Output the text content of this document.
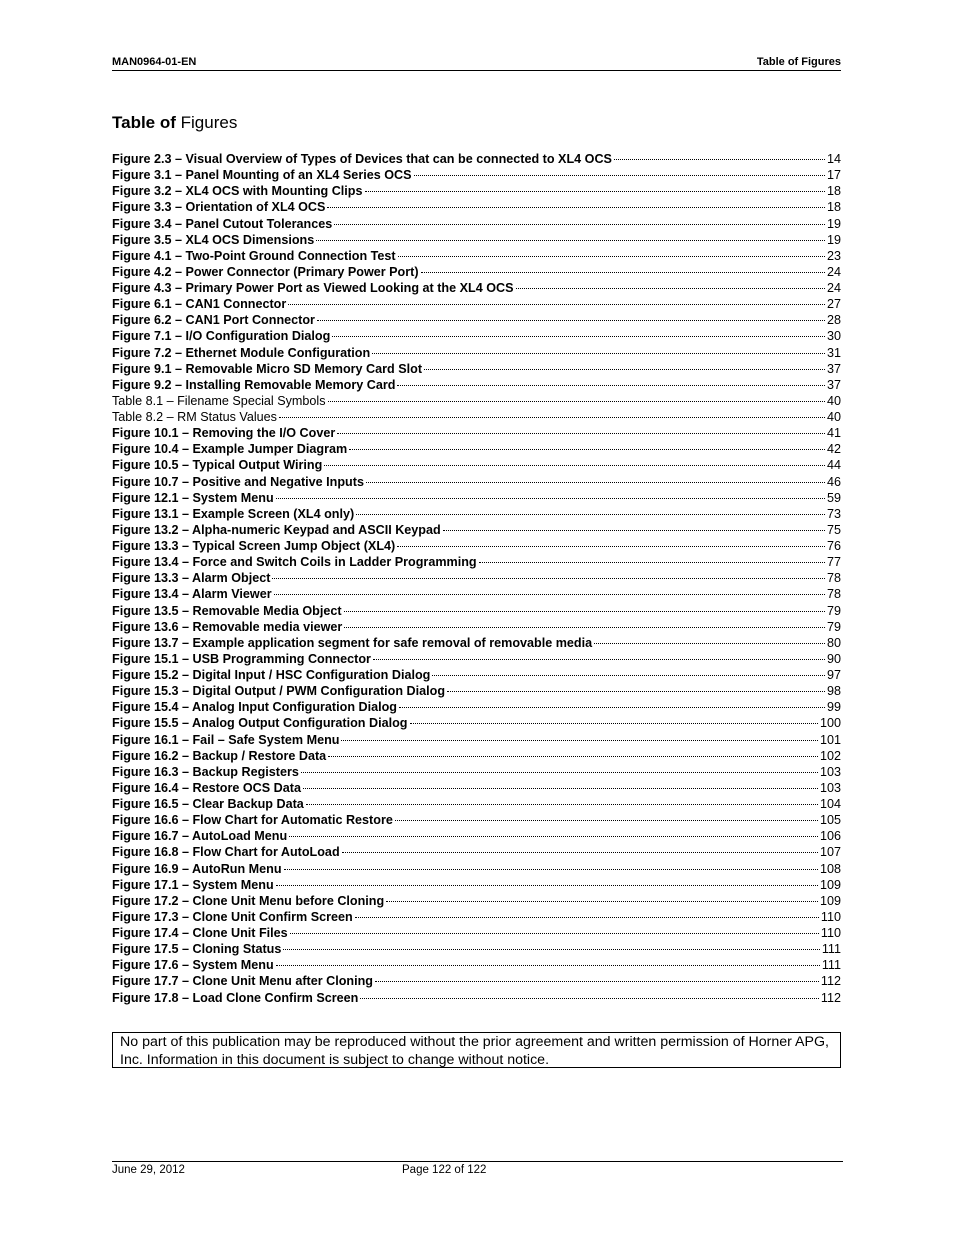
MAN0964-01-EN	Table of Figures
Table of Figures
Figure 2.3 – Visual Overview of Types of Devices that can be connected to XL4 OCS	14
Figure 3.1 – Panel Mounting of an XL4 Series OCS	17
Figure 3.2 – XL4 OCS with Mounting Clips	18
Figure 3.3 – Orientation of XL4 OCS	18
Figure 3.4 – Panel Cutout Tolerances	19
Figure 3.5 – XL4 OCS Dimensions	19
Figure 4.1 – Two-Point Ground Connection Test	23
Figure 4.2 – Power Connector (Primary Power Port)	24
Figure 4.3 – Primary Power Port as Viewed Looking at the XL4 OCS	24
Figure 6.1 – CAN1 Connector	27
Figure 6.2 – CAN1 Port Connector	28
Figure 7.1 – I/O Configuration Dialog	30
Figure 7.2 – Ethernet Module Configuration	31
Figure 9.1 – Removable Micro SD Memory Card Slot	37
Figure 9.2 – Installing Removable Memory Card	37
Table 8.1 – Filename Special Symbols	40
Table 8.2 – RM Status Values	40
Figure 10.1 – Removing the I/O Cover	41
Figure 10.4 – Example Jumper Diagram	42
Figure 10.5 – Typical Output Wiring	44
Figure 10.7 – Positive and Negative Inputs	46
Figure 12.1 – System Menu	59
Figure 13.1 – Example Screen (XL4 only)	73
Figure 13.2 – Alpha-numeric Keypad and ASCII Keypad	75
Figure 13.3 – Typical Screen Jump Object (XL4)	76
Figure 13.4 – Force and Switch Coils in Ladder Programming	77
Figure 13.3 – Alarm Object	78
Figure 13.4 – Alarm Viewer	78
Figure 13.5 – Removable Media Object	79
Figure 13.6 – Removable media viewer	79
Figure 13.7 – Example application segment for safe removal of removable media	80
Figure 15.1 – USB Programming Connector	90
Figure 15.2 – Digital Input / HSC Configuration Dialog	97
Figure 15.3 – Digital Output / PWM Configuration Dialog	98
Figure 15.4 – Analog Input Configuration Dialog	99
Figure 15.5 – Analog Output Configuration Dialog	100
Figure 16.1 – Fail – Safe System Menu	101
Figure 16.2 – Backup / Restore Data	102
Figure 16.3 – Backup Registers	103
Figure 16.4 – Restore OCS Data	103
Figure 16.5 – Clear Backup Data	104
Figure 16.6 – Flow Chart for Automatic Restore	105
Figure 16.7 – AutoLoad Menu	106
Figure 16.8 – Flow Chart for AutoLoad	107
Figure 16.9 – AutoRun Menu	108
Figure 17.1 – System Menu	109
Figure 17.2 – Clone Unit Menu before Cloning	109
Figure 17.3 – Clone Unit Confirm Screen	110
Figure 17.4 – Clone Unit Files	110
Figure 17.5 – Cloning Status	111
Figure 17.6 – System Menu	111
Figure 17.7 – Clone Unit Menu after Cloning	112
Figure 17.8 – Load Clone Confirm Screen	112

No part of this publication may be reproduced without the prior agreement and written permission of Horner APG, Inc. Information in this document is subject to change without notice.

June 29, 2012	Page 122 of 122
